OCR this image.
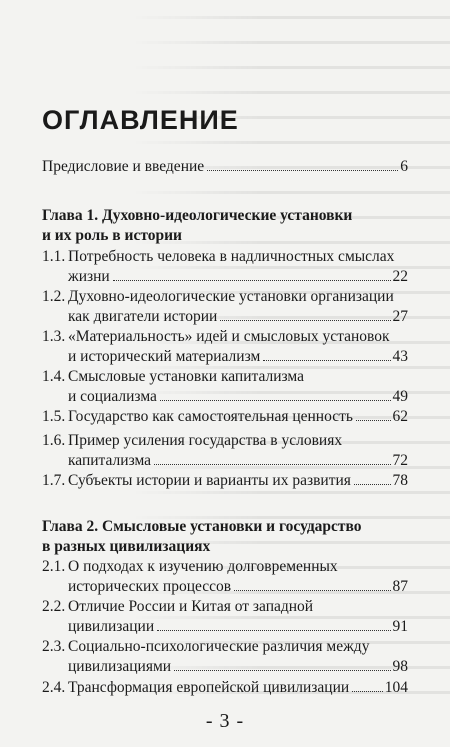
ОГЛАВЛЕНИЕ
Предисловие и введение	6
Глава 1. Духовно-идеологические установки
и их роль в истории
1.1. Потребность человека в надличностных смыслах
жизни	22
1.2. Духовно-идеологические установки организации
как двигатели истории	27
1.3. «Материальность» идей и смысловых установок
и исторический материализм	43
1.4. Смысловые установки капитализма
и социализма	49
1.5. Государство как самостоятельная ценность	62
1.6. Пример усиления государства в условиях
капитализма	72
1.7. Субъекты истории и варианты их развития	78
Глава 2. Смысловые установки и государство
в разных цивилизациях
2.1. О подходах к изучению долговременных
исторических процессов	87
2.2. Отличие России и Китая от западной
цивилизации	91
2.3. Социально-психологические различия между
цивилизациями	98
2.4. Трансформация европейской цивилизации 104
- 3 -
